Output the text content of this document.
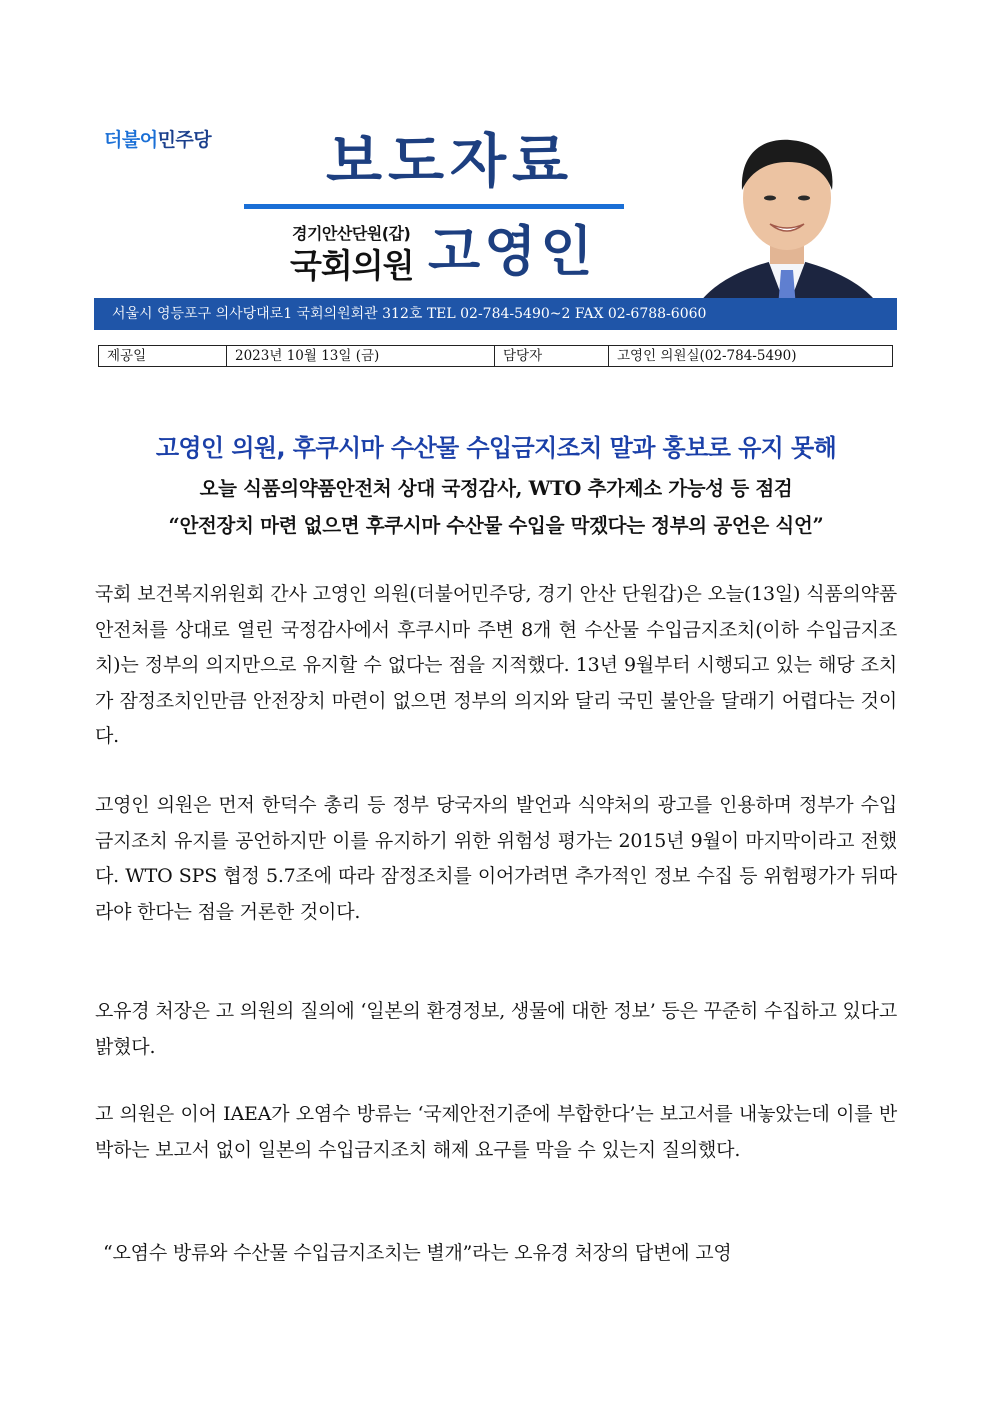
더불어민주당	보도자료
경기안산단원(갑)
국회의원 고영인
서울시 영등포구 의사당대로1 국회의원회관 312호 TEL 02-784-5490~2 FAX 02-6788-6060
제공일	2023년 10월 13일 (금)	담당자	고영인 의원실(02-784-5490)
고영인 의원, 후쿠시마 수산물 수입금지조치 말과 홍보로 유지 못해
오늘 식품의약품안전처 상대 국정감사, WTO 추가제소 가능성 등 점검
“안전장치 마련 없으면 후쿠시마 수산물 수입을 막겠다는 정부의 공언은 식언”
국회 보건복지위원회 간사 고영인 의원(더불어민주당, 경기 안산 단원갑)은 오늘(13일) 식품의약품안전처를 상대로 열린 국정감사에서 후쿠시마 주변 8개 현 수산물 수입금지조치(이하 수입금지조치)는 정부의 의지만으로 유지할 수 없다는 점을 지적했다. 13년 9월부터 시행되고 있는 해당 조치가 잠정조치인만큼 안전장치 마련이 없으면 정부의 의지와 달리 국민 불안을 달래기 어렵다는 것이다.
고영인 의원은 먼저 한덕수 총리 등 정부 당국자의 발언과 식약처의 광고를 인용하며 정부가 수입금지조치 유지를 공언하지만 이를 유지하기 위한 위험성 평가는 2015년 9월이 마지막이라고 전했다. WTO SPS 협정 5.7조에 따라 잠정조치를 이어가려면 추가적인 정보 수집 등 위험평가가 뒤따라야 한다는 점을 거론한 것이다.
오유경 처장은 고 의원의 질의에 ‘일본의 환경정보, 생물에 대한 정보’ 등은 꾸준히 수집하고 있다고 밝혔다.
고 의원은 이어 IAEA가 오염수 방류는 ‘국제안전기준에 부합한다’는 보고서를 내놓았는데 이를 반박하는 보고서 없이 일본의 수입금지조치 해제 요구를 막을 수 있는지 질의했다.
“오염수 방류와 수산물 수입금지조치는 별개”라는 오유경 처장의 답변에 고영
